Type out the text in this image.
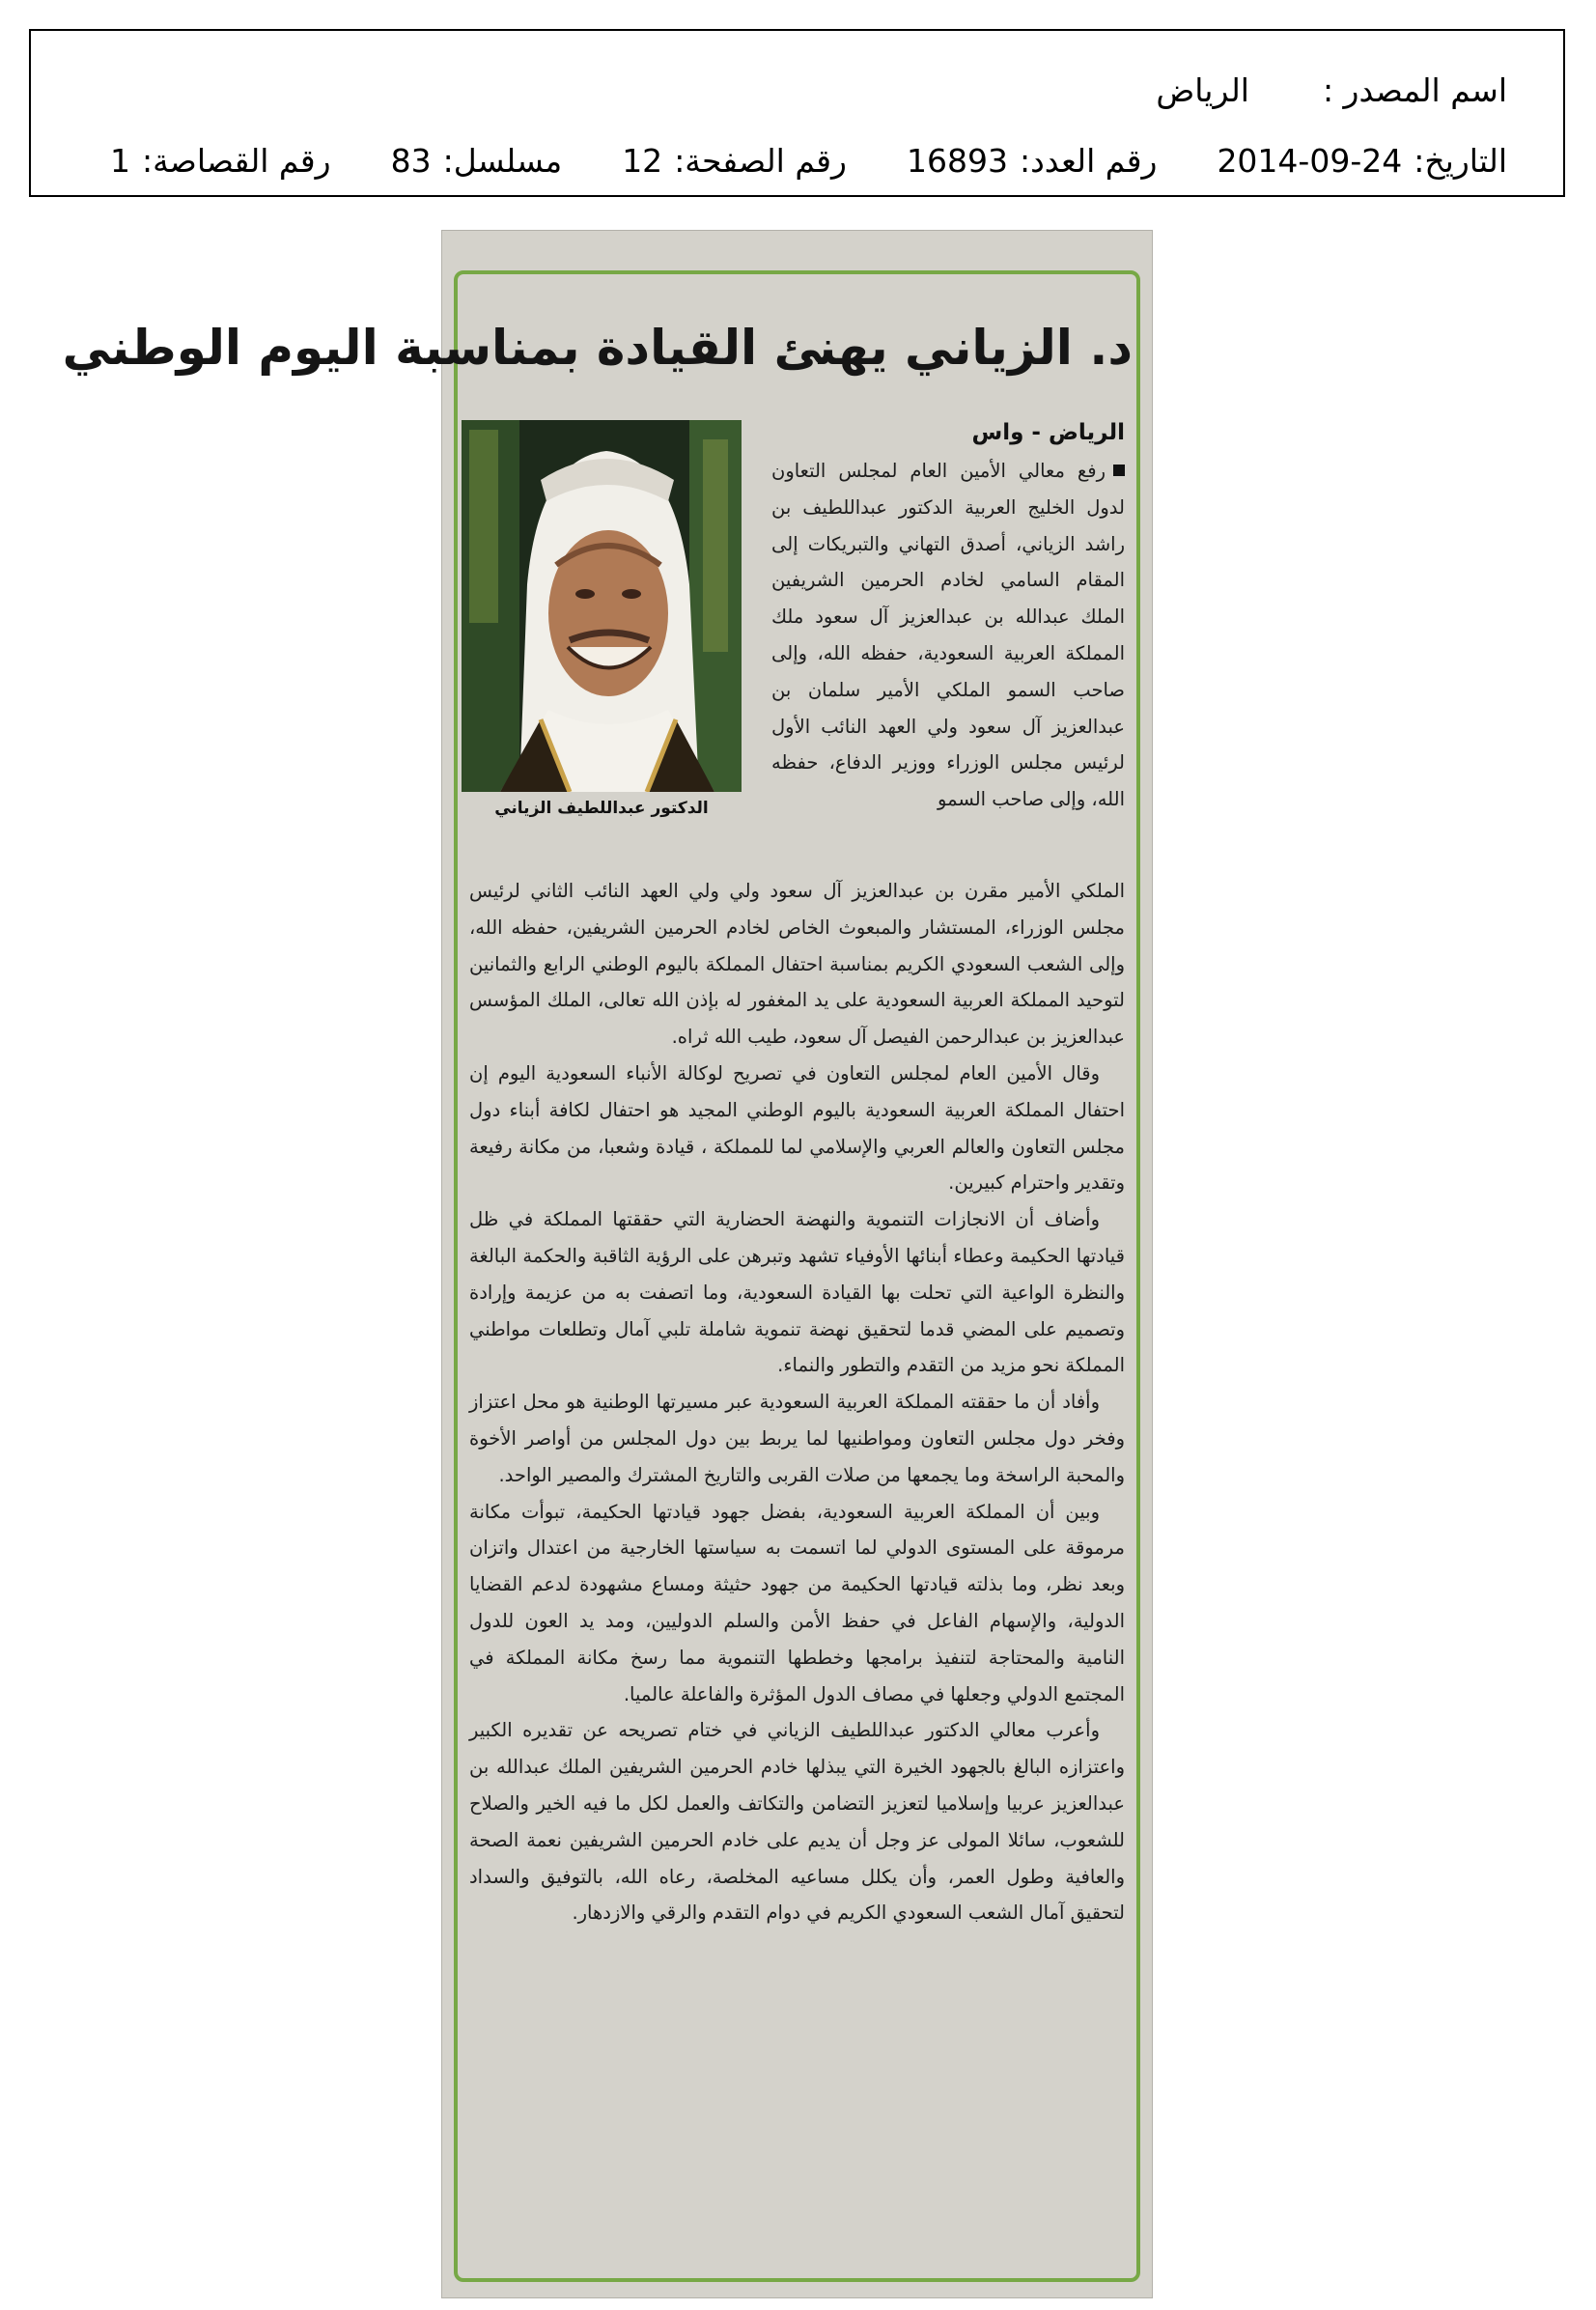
اسم المصدر :
الرياض
التاريخ:
2014-09-24
رقم العدد:
16893
رقم الصفحة:
12
مسلسل:
83
رقم القصاصة:
1
د. الزياني يهنئ القيادة بمناسبة اليوم الوطني
الدكتور عبداللطيف الزياني
الرياض - واس
رفع معالي الأمين العام لمجلس التعاون لدول الخليج العربية الدكتور عبداللطيف بن راشد الزياني، أصدق التهاني والتبريكات إلى المقام السامي لخادم الحرمين الشريفين الملك عبدالله بن عبدالعزيز آل سعود ملك المملكة العربية السعودية، حفظه الله، وإلى صاحب السمو الملكي الأمير سلمان بن عبدالعزيز آل سعود ولي العهد النائب الأول لرئيس مجلس الوزراء ووزير الدفاع، حفظه الله، وإلى صاحب السمو

الملكي الأمير مقرن بن عبدالعزيز آل سعود ولي ولي العهد النائب الثاني لرئيس مجلس الوزراء، المستشار والمبعوث الخاص لخادم الحرمين الشريفين، حفظه الله، وإلى الشعب السعودي الكريم بمناسبة احتفال المملكة باليوم الوطني الرابع والثمانين لتوحيد المملكة العربية السعودية على يد المغفور له بإذن الله تعالى، الملك المؤسس عبدالعزيز بن عبدالرحمن الفيصل آل سعود، طيب الله ثراه.

وقال الأمين العام لمجلس التعاون في تصريح لوكالة الأنباء السعودية اليوم إن احتفال المملكة العربية السعودية باليوم الوطني المجيد هو احتفال لكافة أبناء دول مجلس التعاون والعالم العربي والإسلامي لما للمملكة ، قيادة وشعبا، من مكانة رفيعة وتقدير واحترام كبيرين.

وأضاف أن الانجازات التنموية والنهضة الحضارية التي حققتها المملكة في ظل قيادتها الحكيمة وعطاء أبنائها الأوفياء تشهد وتبرهن على الرؤية الثاقبة والحكمة البالغة والنظرة الواعية التي تحلت بها القيادة السعودية، وما اتصفت به من عزيمة وإرادة وتصميم على المضي قدما لتحقيق نهضة تنموية شاملة تلبي آمال وتطلعات مواطني المملكة نحو مزيد من التقدم والتطور والنماء.

وأفاد أن ما حققته المملكة العربية السعودية عبر مسيرتها الوطنية هو محل اعتزاز وفخر دول مجلس التعاون ومواطنيها لما يربط بين دول المجلس من أواصر الأخوة والمحبة الراسخة وما يجمعها من صلات القربى والتاريخ المشترك والمصير الواحد.

وبين أن المملكة العربية السعودية، بفضل جهود قيادتها الحكيمة، تبوأت مكانة مرموقة على المستوى الدولي لما اتسمت به سياستها الخارجية من اعتدال واتزان وبعد نظر، وما بذلته قيادتها الحكيمة من جهود حثيثة ومساع مشهودة لدعم القضايا الدولية، والإسهام الفاعل في حفظ الأمن والسلم الدوليين، ومد يد العون للدول النامية والمحتاجة لتنفيذ برامجها وخططها التنموية مما رسخ مكانة المملكة في المجتمع الدولي وجعلها في مصاف الدول المؤثرة والفاعلة عالميا.

وأعرب معالي الدكتور عبداللطيف الزياني في ختام تصريحه عن تقديره الكبير واعتزازه البالغ بالجهود الخيرة التي يبذلها خادم الحرمين الشريفين الملك عبدالله بن عبدالعزيز عربيا وإسلاميا لتعزيز التضامن والتكاتف والعمل لكل ما فيه الخير والصلاح للشعوب، سائلا المولى عز وجل أن يديم على خادم الحرمين الشريفين نعمة الصحة والعافية وطول العمر، وأن يكلل مساعيه المخلصة، رعاه الله، بالتوفيق والسداد لتحقيق آمال الشعب السعودي الكريم في دوام التقدم والرقي والازدهار.
